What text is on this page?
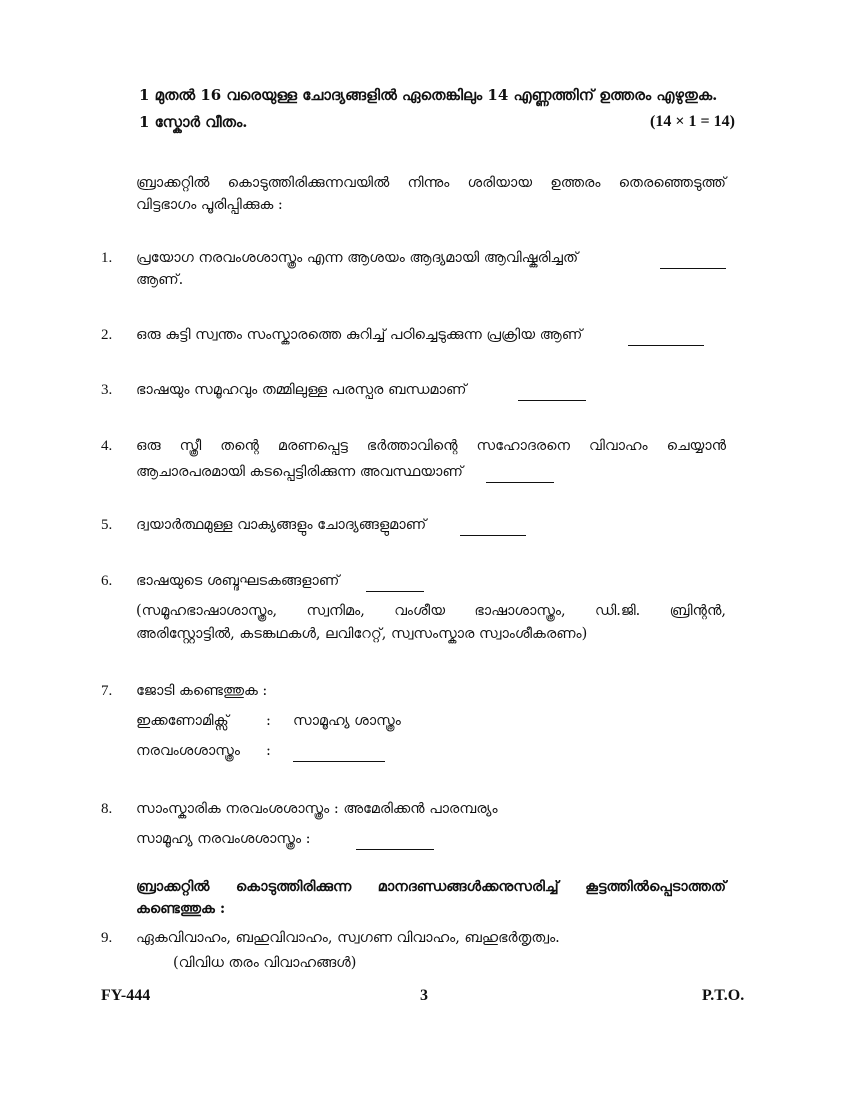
1 മുതൽ 16 വരെയുള്ള ചോദ്യങ്ങളിൽ ഏതെങ്കിലും 14 എണ്ണത്തിന് ഉത്തരം എഴുതുക.
1 സ്കോർ വീതം.	(14 × 1 = 14)
ബ്രാക്കറ്റിൽ കൊടുത്തിരിക്കുന്നവയിൽ നിന്നും ശരിയായ ഉത്തരം തെരഞ്ഞെടുത്ത്
വിട്ടഭാഗം പൂരിപ്പിക്കുക :
1. പ്രയോഗ നരവംശശാസ്ത്രം എന്ന ആശയം ആദ്യമായി ആവിഷ്കരിച്ചത്
ആണ്.
2. ഒരു കുട്ടി സ്വന്തം സംസ്കാരത്തെ കുറിച്ച് പഠിച്ചെടുക്കുന്ന പ്രക്രിയ ആണ്
3. ഭാഷയും സമൂഹവും തമ്മിലുള്ള പരസ്പര ബന്ധമാണ്
4. ഒരു സ്ത്രീ തന്റെ മരണപ്പെട്ട ഭർത്താവിന്റെ സഹോദരനെ വിവാഹം ചെയ്യാൻ
ആചാരപരമായി കടപ്പെട്ടിരിക്കുന്ന അവസ്ഥയാണ്
5. ദ്വയാർത്ഥമുള്ള വാക്യങ്ങളും ചോദ്യങ്ങളുമാണ്
6. ഭാഷയുടെ ശബ്ദഘടകങ്ങളാണ്
(സമൂഹഭാഷാശാസ്ത്രം, സ്വനിമം, വംശീയ ഭാഷാശാസ്ത്രം, ഡി.ജി. ബ്രിന്റൻ,
അരിസ്റ്റോട്ടിൽ, കടങ്കഥകൾ, ലവിറേറ്റ്, സ്വസംസ്കാര സ്വാംശീകരണം)
7. ജോടി കണ്ടെത്തുക :
ഇക്കണോമിക്സ്	: സാമൂഹ്യ ശാസ്ത്രം
നരവംശശാസ്ത്രം :
8. സാംസ്കാരിക നരവംശശാസ്ത്രം : അമേരിക്കൻ പാരമ്പര്യം
സാമൂഹ്യ നരവംശശാസ്ത്രം :
ബ്രാക്കറ്റിൽ കൊടുത്തിരിക്കുന്ന മാനദണ്ഡങ്ങൾക്കനുസരിച്ച് കൂട്ടത്തിൽപ്പെടാത്തത്
കണ്ടെത്തുക :
9. ഏകവിവാഹം, ബഹുവിവാഹം, സ്വഗണ വിവാഹം, ബഹുഭർതൃത്വം.
(വിവിധ തരം വിവാഹങ്ങൾ)
FY-444	3	P.T.O.
